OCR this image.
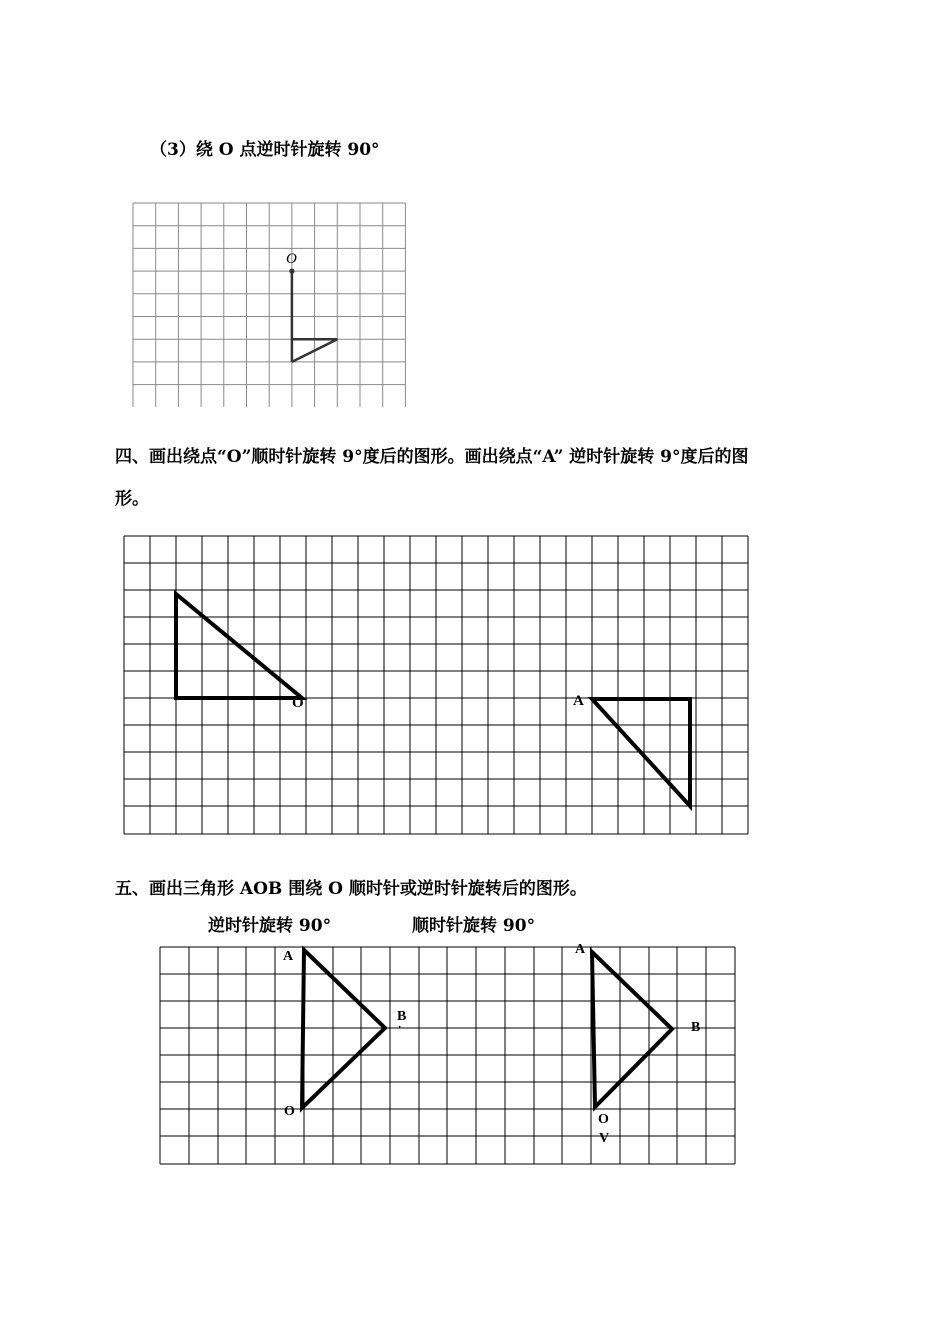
（3）绕 O 点逆时针旋转 90°
O
四、画出绕点“O”顺时针旋转 9°度后的图形。画出绕点“A” 逆时针旋转 9°度后的图
形。
O	A
五、画出三角形 AOB 围绕 O 顺时针或逆时针旋转后的图形。
逆时针旋转 90°	顺时针旋转 90°
A
B
·
O
A
B
O
V
